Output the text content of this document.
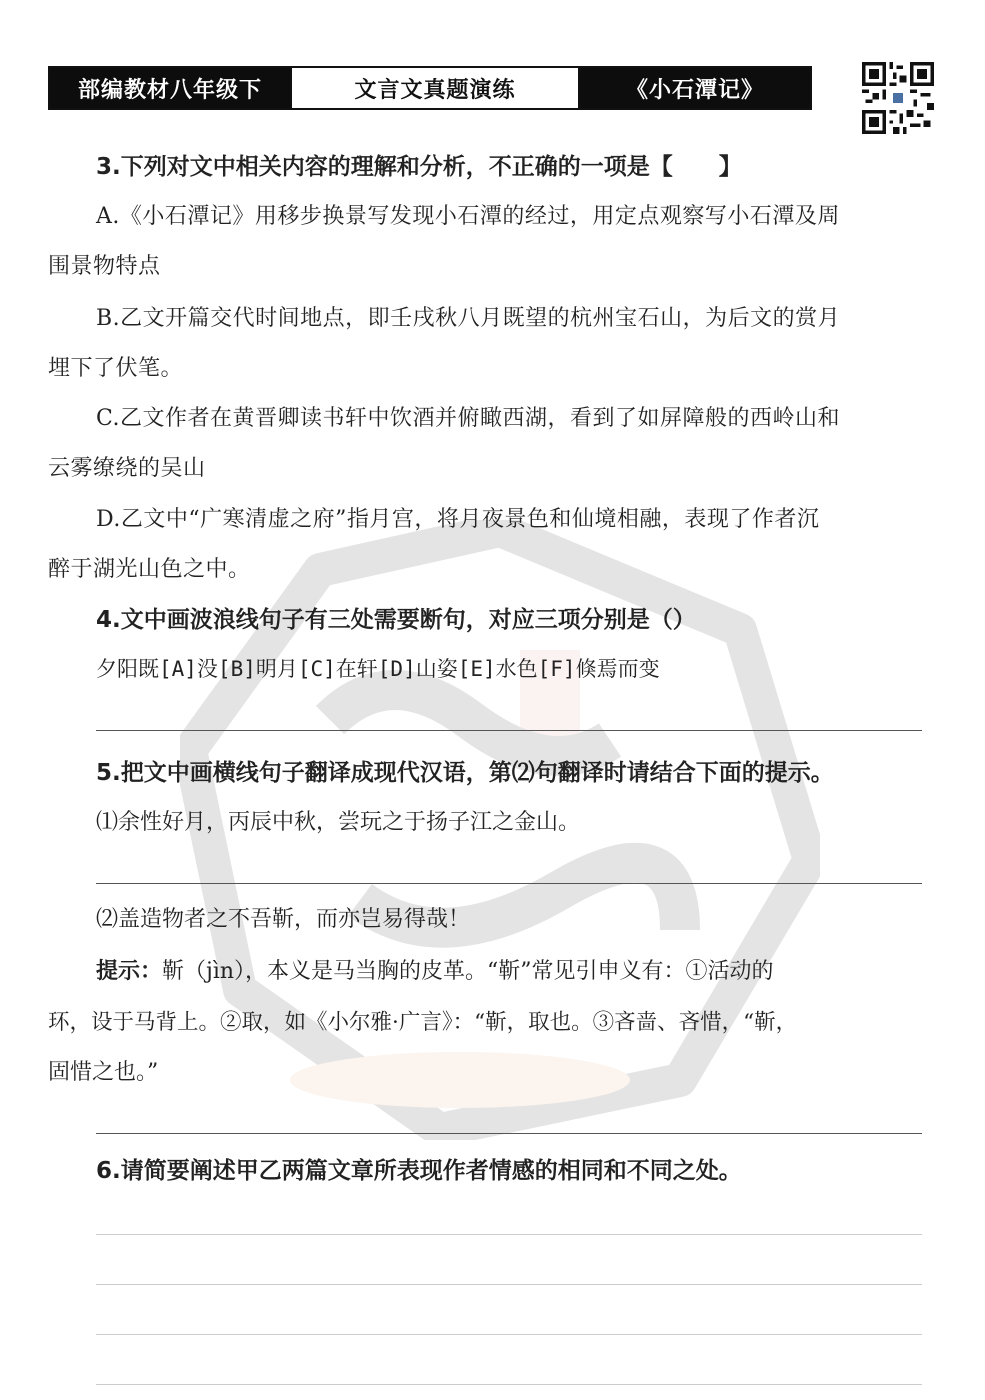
部编教材八年级下	文言文真题演练	《小石潭记》
3.下列对文中相关内容的理解和分析，不正确的一项是【　　】
A.《小石潭记》用移步换景写发现小石潭的经过，用定点观察写小石潭及周
围景物特点
B.乙文开篇交代时间地点，即壬戌秋八月既望的杭州宝石山，为后文的赏月
埋下了伏笔。
C.乙文作者在黄晋卿读书轩中饮酒并俯瞰西湖，看到了如屏障般的西岭山和
云雾缭绕的吴山
D.乙文中“广寒清虚之府”指月宫，将月夜景色和仙境相融，表现了作者沉
醉于湖光山色之中。
4.文中画波浪线句子有三处需要断句，对应三项分别是（）
夕阳既[A]没[B]明月[C]在轩[D]山姿[E]水色[F]倏焉而变
5.把文中画横线句子翻译成现代汉语，第⑵句翻译时请结合下面的提示。
⑴余性好月，丙辰中秋，尝玩之于扬子江之金山。
⑵盖造物者之不吾靳，而亦岂易得哉！
提示：靳（jìn），本义是马当胸的皮革。“靳”常见引申义有：①活动的
环，设于马背上。②取，如《小尔雅·广言》：“靳，取也。③吝啬、吝惜，“靳，
固惜之也。”
6.请简要阐述甲乙两篇文章所表现作者情感的相同和不同之处。
